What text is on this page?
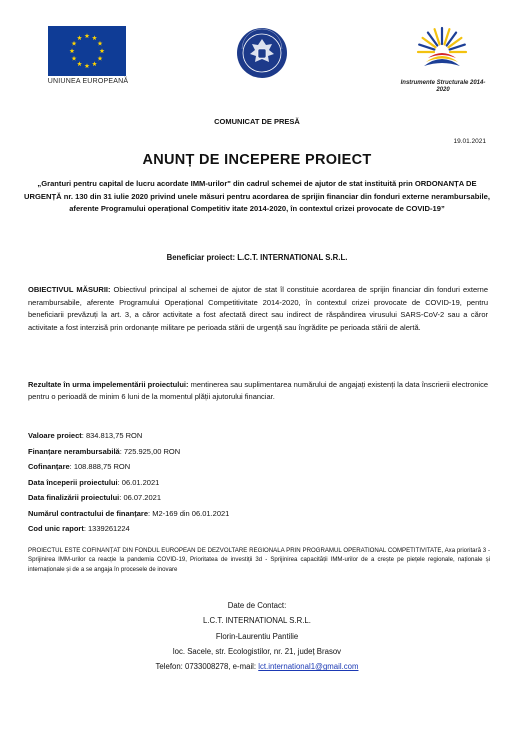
UNIUNEA EUROPEANĂ	Instrumente Structurale 2014-2020
COMUNICAT DE PRESĂ
19.01.2021
ANUNȚ DE INCEPERE PROIECT
„Granturi pentru capital de lucru acordate IMM-urilor" din cadrul schemei de ajutor de stat instituită prin ORDONANȚA DE URGENȚĂ nr. 130 din 31 iulie 2020 privind unele măsuri pentru acordarea de sprijin financiar din fonduri externe nerambursabile, aferente Programului operațional Competitiv itate 2014-2020, în contextul crizei provocate de COVID-19”
Beneficiar proiect: L.C.T. INTERNATIONAL S.R.L.
OBIECTIVUL MĂSURII: Obiectivul principal al schemei de ajutor de stat îl constituie acordarea de sprijin financiar din fonduri externe nerambursabile, aferente Programului Operațional Competitivitate 2014-2020, în contextul crizei provocate de COVID-19, pentru beneficiarii prevăzuți la art. 3, a căror activitate a fost afectată direct sau indirect de răspândirea virusului SARS-CoV-2 sau a căror activitate a fost interzisă prin ordonanțe militare pe perioada stării de urgență sau îngrădite pe perioada stării de alertă.
Rezultate în urma impelementării proiectului: mentinerea sau suplimentarea numărului de angajați existenți la data înscrierii electronice pentru o perioadă de minim 6 luni de la momentul plății ajutorului financiar.
Valoare proiect: 834.813,75 RON
Finanțare nerambursabilă: 725.925,00 RON
Cofinanțare: 108.888,75 RON
Data începerii proiectului: 06.01.2021
Data finalizării proiectului: 06.07.2021
Numărul contractului de finanțare: M2-169 din 06.01.2021
Cod unic raport: 1339261224
PROIECTUL ESTE COFINANȚAT DIN FONDUL EUROPEAN DE DEZVOLTARE REGIONALA PRIN PROGRAMUL OPERATIONAL COMPETITIVITATE, Axa prioritară 3 - Sprijinirea IMM-urilor ca reacție la pandemia COVID-19, Prioritatea de investiții 3d - Sprijinirea capacității IMM-urilor de a crește pe piețele regionale, naționale și internaționale și de a se angaja în procesele de inovare
Date de Contact:
L.C.T. INTERNATIONAL S.R.L.
Florin-Laurentiu Pantilie
loc. Sacele, str. Ecologistilor, nr. 21, județ Brasov
Telefon: 0733008278, e-mail: lct.international1@gmail.com
